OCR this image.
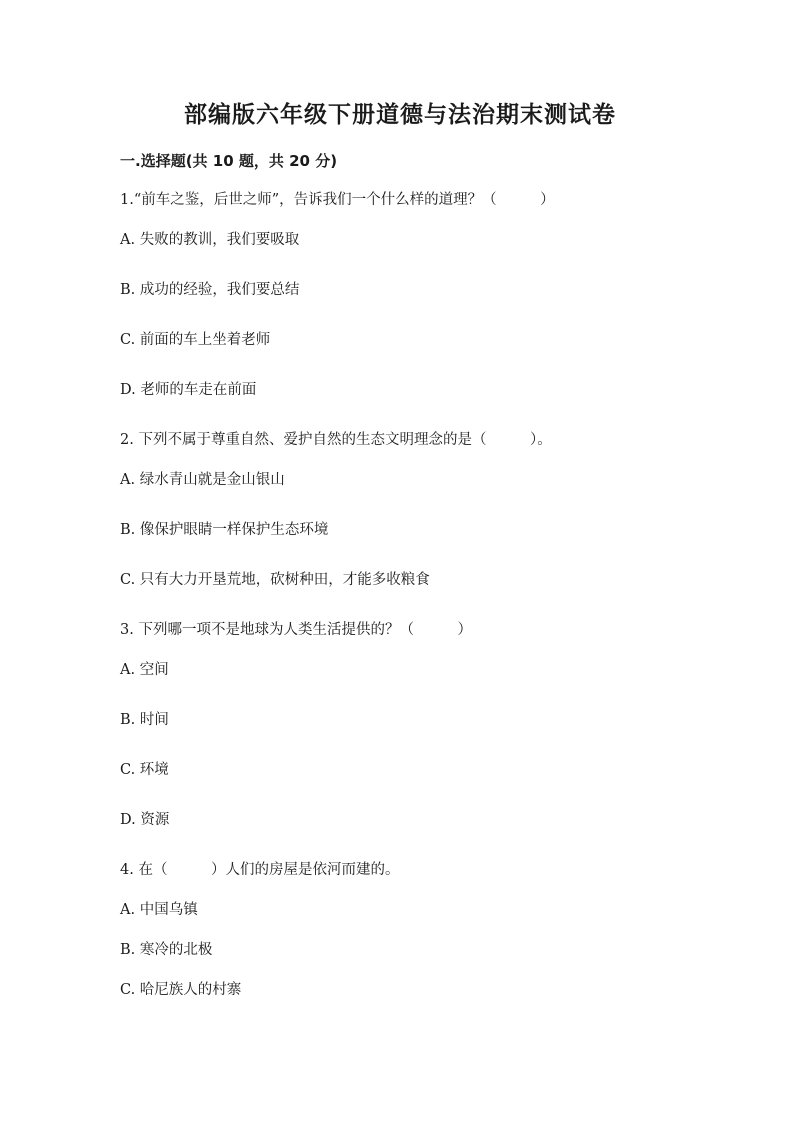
部编版六年级下册道德与法治期末测试卷
一.选择题(共 10 题，共 20 分)
1.“前车之鉴，后世之师”，告诉我们一个什么样的道理？（　　　）
A. 失败的教训，我们要吸取
B. 成功的经验，我们要总结
C. 前面的车上坐着老师
D. 老师的车走在前面
2. 下列不属于尊重自然、爱护自然的生态文明理念的是（　　　）。
A. 绿水青山就是金山银山
B. 像保护眼睛一样保护生态环境
C. 只有大力开垦荒地，砍树种田，才能多收粮食
3. 下列哪一项不是地球为人类生活提供的？（　　　）
A. 空间
B. 时间
C. 环境
D. 资源
4. 在（　　　）人们的房屋是依河而建的。
A. 中国乌镇
B. 寒冷的北极
C. 哈尼族人的村寨
